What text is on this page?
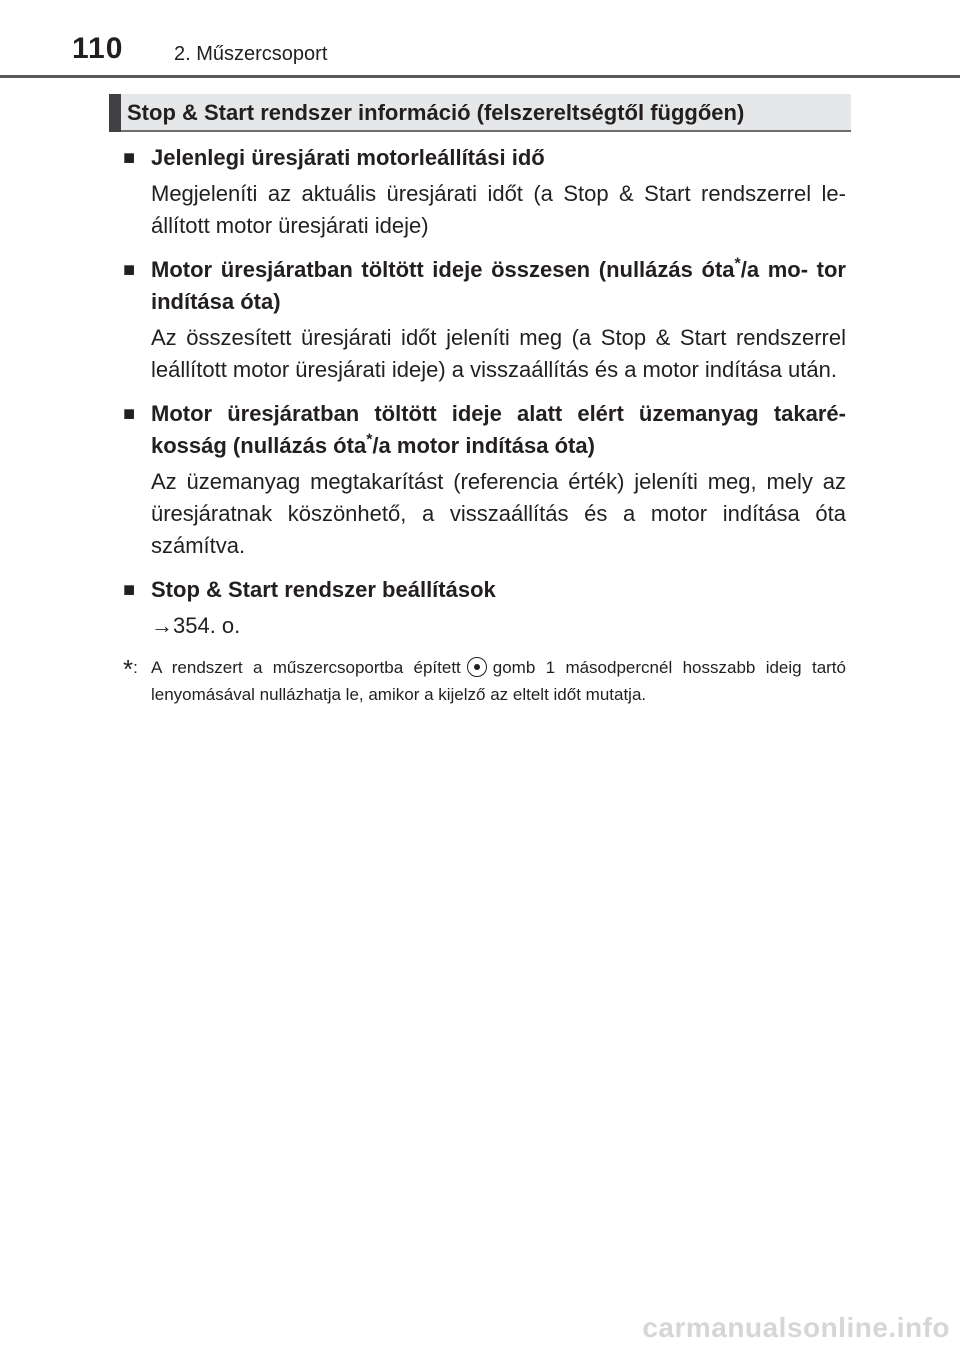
110	2. Műszercsoport
Stop & Start rendszer információ (felszereltségtől függően)
■ Jelenlegi üresjárati motorleállítási idő
Megjeleníti az aktuális üresjárati időt (a Stop & Start rendszerrel le- állított motor üresjárati ideje)
■ Motor üresjáratban töltött ideje összesen (nullázás óta*/a mo- tor indítása óta)
Az összesített üresjárati időt jeleníti meg (a Stop & Start rendszerrel leállított motor üresjárati ideje) a visszaállítás és a motor indítása után.
■ Motor üresjáratban töltött ideje alatt elért üzemanyag takaré- kosság (nullázás óta*/a motor indítása óta)
Az üzemanyag megtakarítást (referencia érték) jeleníti meg, mely az üresjáratnak köszönhető, a visszaállítás és a motor indítása óta számítva.
■ Stop & Start rendszer beállítások
→354. o.
*: A rendszert a műszercsoportba épített gomb 1 másodpercnél hosszabb ideig tartó lenyomásával nullázhatja le, amikor a kijelző az eltelt időt mutatja.
carmanualsonline.info
